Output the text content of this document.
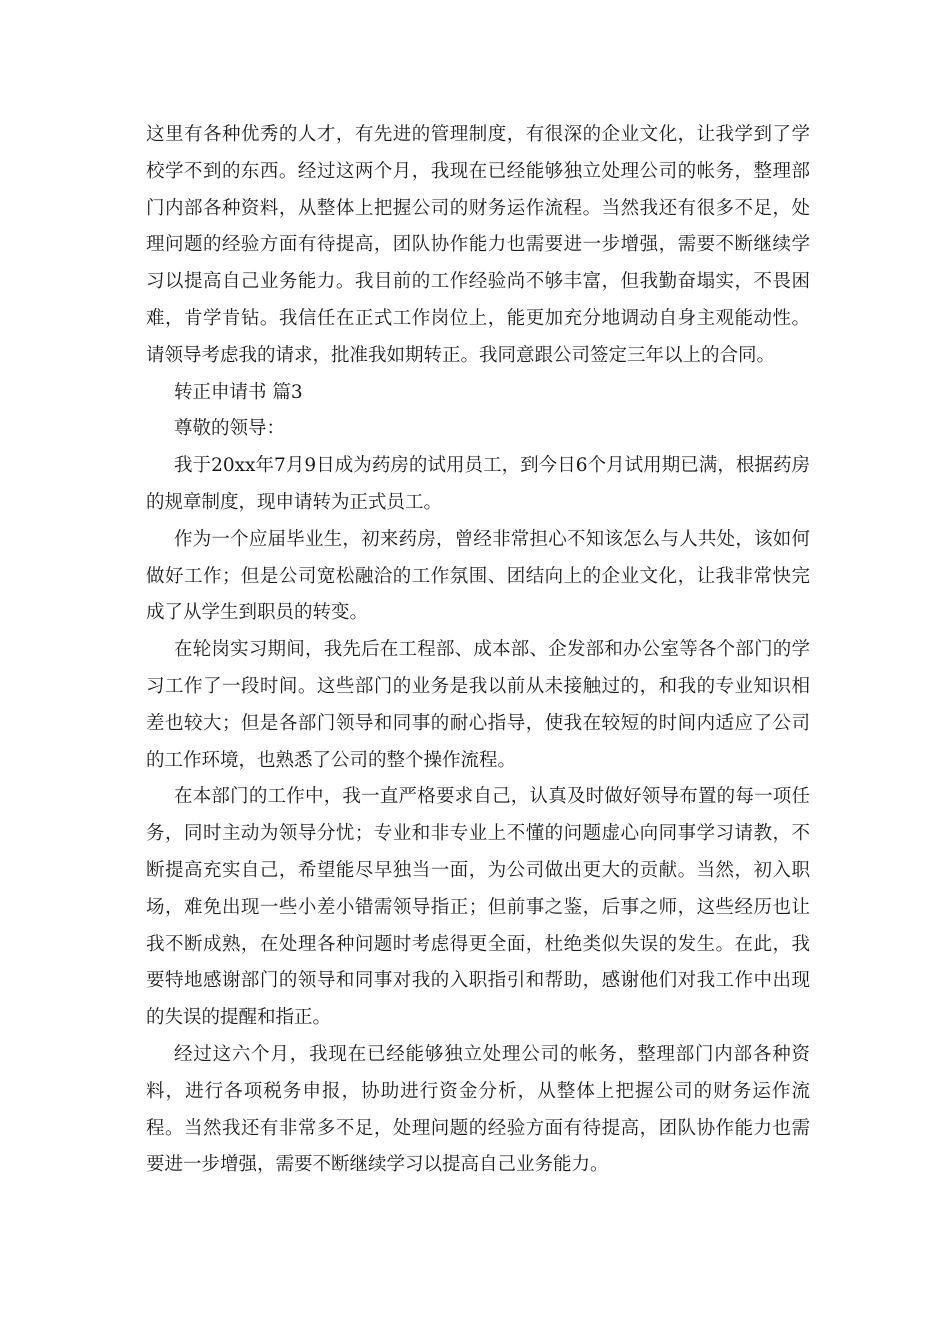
这里有各种优秀的人才，有先进的管理制度，有很深的企业文化，让我学到了学校学不到的东西。经过这两个月，我现在已经能够独立处理公司的帐务，整理部门内部各种资料，从整体上把握公司的财务运作流程。当然我还有很多不足，处理问题的经验方面有待提高，团队协作能力也需要进一步增强，需要不断继续学习以提高自己业务能力。我目前的工作经验尚不够丰富，但我勤奋塌实，不畏困难，肯学肯钻。我信任在正式工作岗位上，能更加充分地调动自身主观能动性。请领导考虑我的请求，批准我如期转正。我同意跟公司签定三年以上的合同。

转正申请书 篇3

尊敬的领导：

我于20xx年7月9日成为药房的试用员工，到今日6个月试用期已满，根据药房的规章制度，现申请转为正式员工。

作为一个应届毕业生，初来药房，曾经非常担心不知该怎么与人共处，该如何做好工作；但是公司宽松融洽的工作氛围、团结向上的企业文化，让我非常快完成了从学生到职员的转变。

在轮岗实习期间，我先后在工程部、成本部、企发部和办公室等各个部门的学习工作了一段时间。这些部门的业务是我以前从未接触过的，和我的专业知识相差也较大；但是各部门领导和同事的耐心指导，使我在较短的时间内适应了公司的工作环境，也熟悉了公司的整个操作流程。

在本部门的工作中，我一直严格要求自己，认真及时做好领导布置的每一项任务，同时主动为领导分忧；专业和非专业上不懂的问题虚心向同事学习请教，不断提高充实自己，希望能尽早独当一面，为公司做出更大的贡献。当然，初入职场，难免出现一些小差小错需领导指正；但前事之鉴，后事之师，这些经历也让我不断成熟，在处理各种问题时考虑得更全面，杜绝类似失误的发生。在此，我要特地感谢部门的领导和同事对我的入职指引和帮助，感谢他们对我工作中出现的失误的提醒和指正。

经过这六个月，我现在已经能够独立处理公司的帐务，整理部门内部各种资料，进行各项税务申报，协助进行资金分析，从整体上把握公司的财务运作流程。当然我还有非常多不足，处理问题的经验方面有待提高，团队协作能力也需要进一步增强，需要不断继续学习以提高自己业务能力。
